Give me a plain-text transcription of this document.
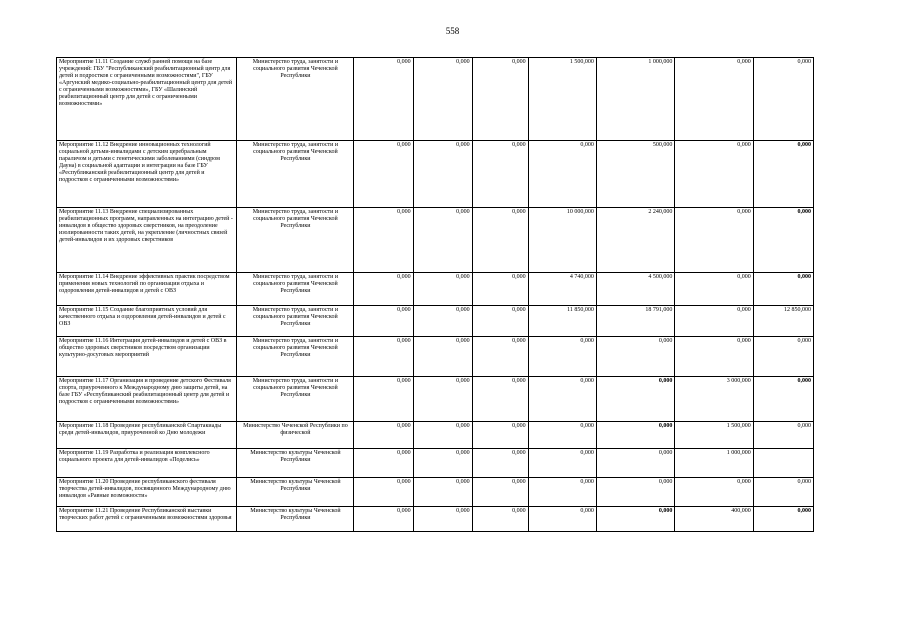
558
Мероприятие 11.11 Создание служб ранней помощи на базе учреждений: ГБУ "Республиканский реабилитационный центр для детей и подростков с ограниченными возможностями", ГБУ «Аргунский медико-социально-реабилитационный центр для детей с ограниченными возможностями», ГБУ «Шалинский реабилитационный центр для детей с ограниченными возможностями»	Министерство труда, занятости и социального развития Чеченской Республики	0,000	0,000	0,000	1 500,000	1 000,000	0,000	0,000
Мероприятие 11.12 Внедрение инновационных технологий социальной детьми-инвалидами с детским церебральным параличом и детьми с генетическими заболеваниями (синдром Дауна) в социальной адаптации и интеграции на базе ГБУ «Республиканский реабилитационный центр для детей и подростков с ограниченными возможностями»	Министерство труда, занятости и социального развития Чеченской Республики	0,000	0,000	0,000	0,000	500,000	0,000	0,000
Мероприятие 11.13 Внедрение специализированных реабилитационных программ, направленных на интеграцию детей - инвалидов в общество здоровых сверстников, на преодоление изолированности таких детей, на укрепление (личностных связей детей-инвалидов и их здоровых сверстников	Министерство труда, занятости и социального развития Чеченской Республики	0,000	0,000	0,000	10 000,000	2 240,000	0,000	0,000
Мероприятие 11.14 Внедрение эффективных практик посредством применения новых технологий по организации отдыха и оздоровления детей-инвалидов и детей с ОВЗ	Министерство труда, занятости и социального развития Чеченской Республики	0,000	0,000	0,000	4 740,000	4 500,000	0,000	0,000
Мероприятие 11.15 Создание благоприятных условий для качественного отдыха и оздоровления детей-инвалидов и детей с ОВЗ	Министерство труда, занятости и социального развития Чеченской Республики	0,000	0,000	0,000	11 850,000	18 791,000	0,000	12 850,000
Мероприятие 11.16 Интеграция детей-инвалидов и детей с ОВЗ в общество здоровых сверстников посредством организации культурно-досуговых мероприятий	Министерство труда, занятости и социального развития Чеченской Республики	0,000	0,000	0,000	0,000	0,000	0,000	0,000
Мероприятие 11.17 Организация и проведение детского Фестиваля спорта, приуроченного к Международному дню защиты детей, на базе ГБУ «Республиканский реабилитационный центр для детей и подростков с ограниченными возможностями»	Министерство труда, занятости и социального развития Чеченской Республики	0,000	0,000	0,000	0,000	0,000	3 000,000	0,000
Мероприятие 11.18 Проведение республиканской Спартакиады среди детей-инвалидов, приуроченной ко Дню молодежи	Министерство Чеченской Республики по физической	0,000	0,000	0,000	0,000	0,000	1 500,000	0,000
Мероприятие 11.19 Разработка и реализация комплексного социального проекта для детей-инвалидов «Поделись»	Министерство культуры Чеченской Республики	0,000	0,000	0,000	0,000	0,000	1 000,000	
Мероприятие 11.20 Проведение республиканского фестиваля творчества детей-инвалидов, посвященного Международному дню инвалидов «Равные возможности»	Министерство культуры Чеченской Республики	0,000	0,000	0,000	0,000	0,000	0,000	0,000
Мероприятие 11.21 Проведение Республиканской выставки творческих работ детей с ограниченными возможностями здоровья	Министерство культуры Чеченской Республики	0,000	0,000	0,000	0,000	0,000	400,000	0,000
